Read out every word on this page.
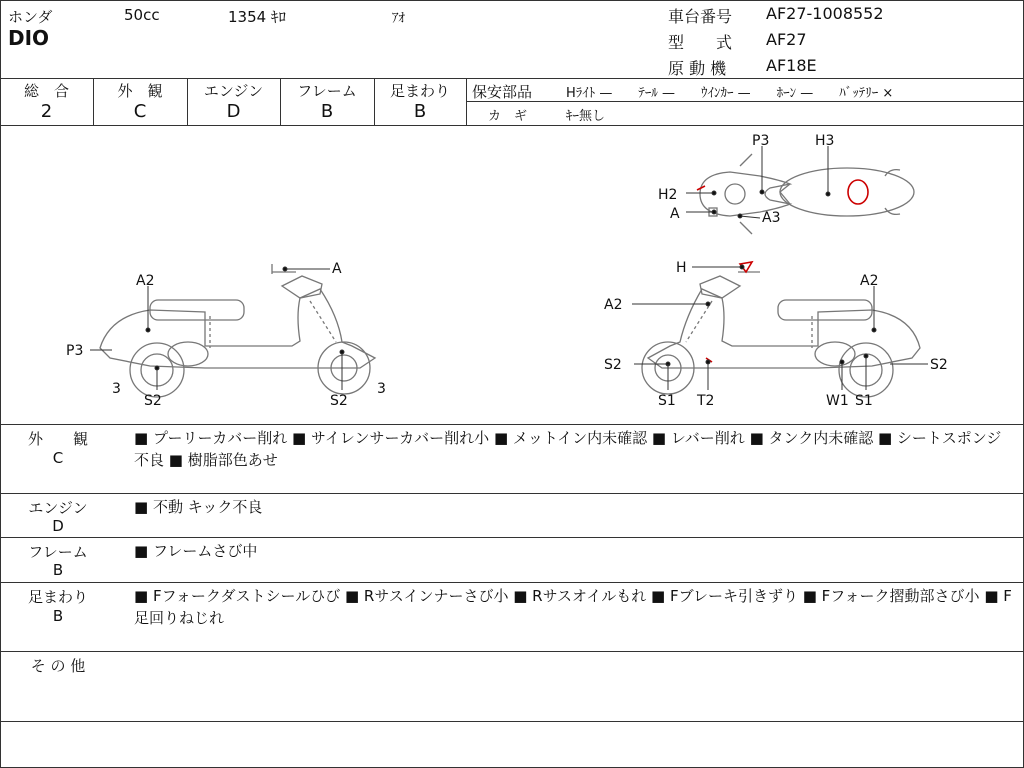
ホンダ	50cc	1354 ｷﾛ	ｱｵ
DIO
車台番号 AF27-1008552
型　　式 AF27
原 動 機 AF18E
総　合
2
外　観
C
エンジン
D
フレーム
B
足まわり
B
保安部品	Hﾗｲﾄ —　　ﾃｰﾙ —　　ｳｲﾝｶｰ —　　ﾎｰﾝ —　　ﾊﾞｯﾃﾘｰ ×
カ　ギ	ｷｰ無し
P3	H3
H2
A	A3
A
A2
P3
3
S2	S2
3
H
A2
A2
S2	S2
S1 T2	W1 S1
外　　観
C
■ プーリーカバー削れ ■ サイレンサーカバー削れ小 ■ メットイン内未確認 ■ レバー削れ ■ タンク内未確認 ■ シートスポンジ不良 ■ 樹脂部色あせ
エンジン
D
■ 不動 キック不良
フレーム
B
■ フレームさび中
足まわり
B
■ Fフォークダストシールひび ■ Rサスインナーさび小 ■ Rサスオイルもれ ■ Fブレーキ引きずり ■ Fフォーク摺動部さび小 ■ F足回りねじれ
そ の 他
